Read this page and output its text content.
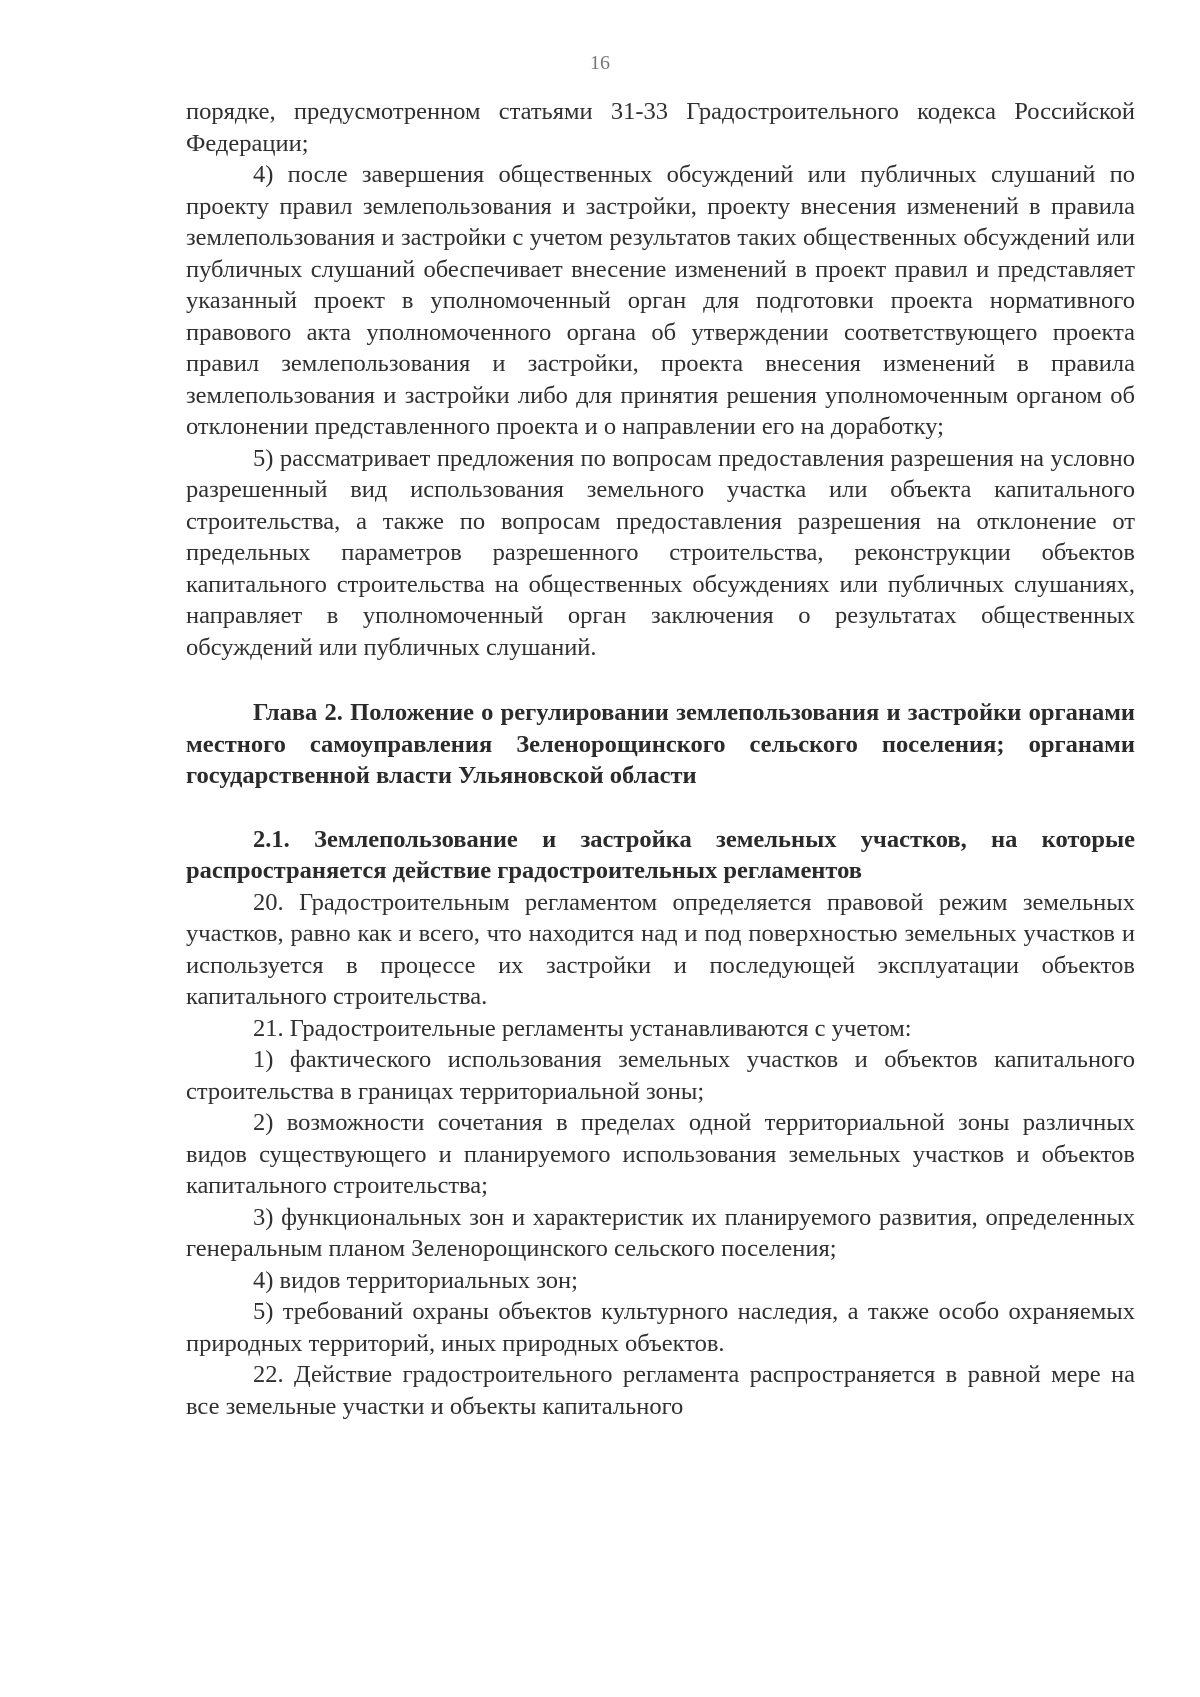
16

порядке, предусмотренном статьями 31-33 Градостроительного кодекса Российской Федерации;

4) после завершения общественных обсуждений или публичных слушаний по проекту правил землепользования и застройки, проекту внесения изменений в правила землепользования и застройки с учетом результатов таких общественных обсуждений или публичных слушаний обеспечивает внесение изменений в проект правил и представляет указанный проект в уполномоченный орган для подготовки проекта нормативного правового акта уполномоченного органа об утверждении соответствующего проекта правил землепользования и застройки, проекта внесения изменений в правила землепользования и застройки либо для принятия решения уполномоченным органом об отклонении представленного проекта и о направлении его на доработку;

5) рассматривает предложения по вопросам предоставления разрешения на условно разрешенный вид использования земельного участка или объекта капитального строительства, а также по вопросам предоставления разрешения на отклонение от предельных параметров разрешенного строительства, реконструкции объектов капитального строительства на общественных обсуждениях или публичных слушаниях, направляет в уполномоченный орган заключения о результатах общественных обсуждений или публичных слушаний.

Глава 2. Положение о регулировании землепользования и застройки органами местного самоуправления Зеленорощинского сельского поселения; органами государственной власти Ульяновской области

2.1. Землепользование и застройка земельных участков, на которые распространяется действие градостроительных регламентов

20. Градостроительным регламентом определяется правовой режим земельных участков, равно как и всего, что находится над и под поверхностью земельных участков и используется в процессе их застройки и последующей эксплуатации объектов капитального строительства.

21. Градостроительные регламенты устанавливаются с учетом:

1) фактического использования земельных участков и объектов капитального строительства в границах территориальной зоны;

2) возможности сочетания в пределах одной территориальной зоны различных видов существующего и планируемого использования земельных участков и объектов капитального строительства;

3) функциональных зон и характеристик их планируемого развития, определенных генеральным планом Зеленорощинского сельского поселения;

4) видов территориальных зон;

5) требований охраны объектов культурного наследия, а также особо охраняемых природных территорий, иных природных объектов.

22. Действие градостроительного регламента распространяется в равной мере на все земельные участки и объекты капитального
